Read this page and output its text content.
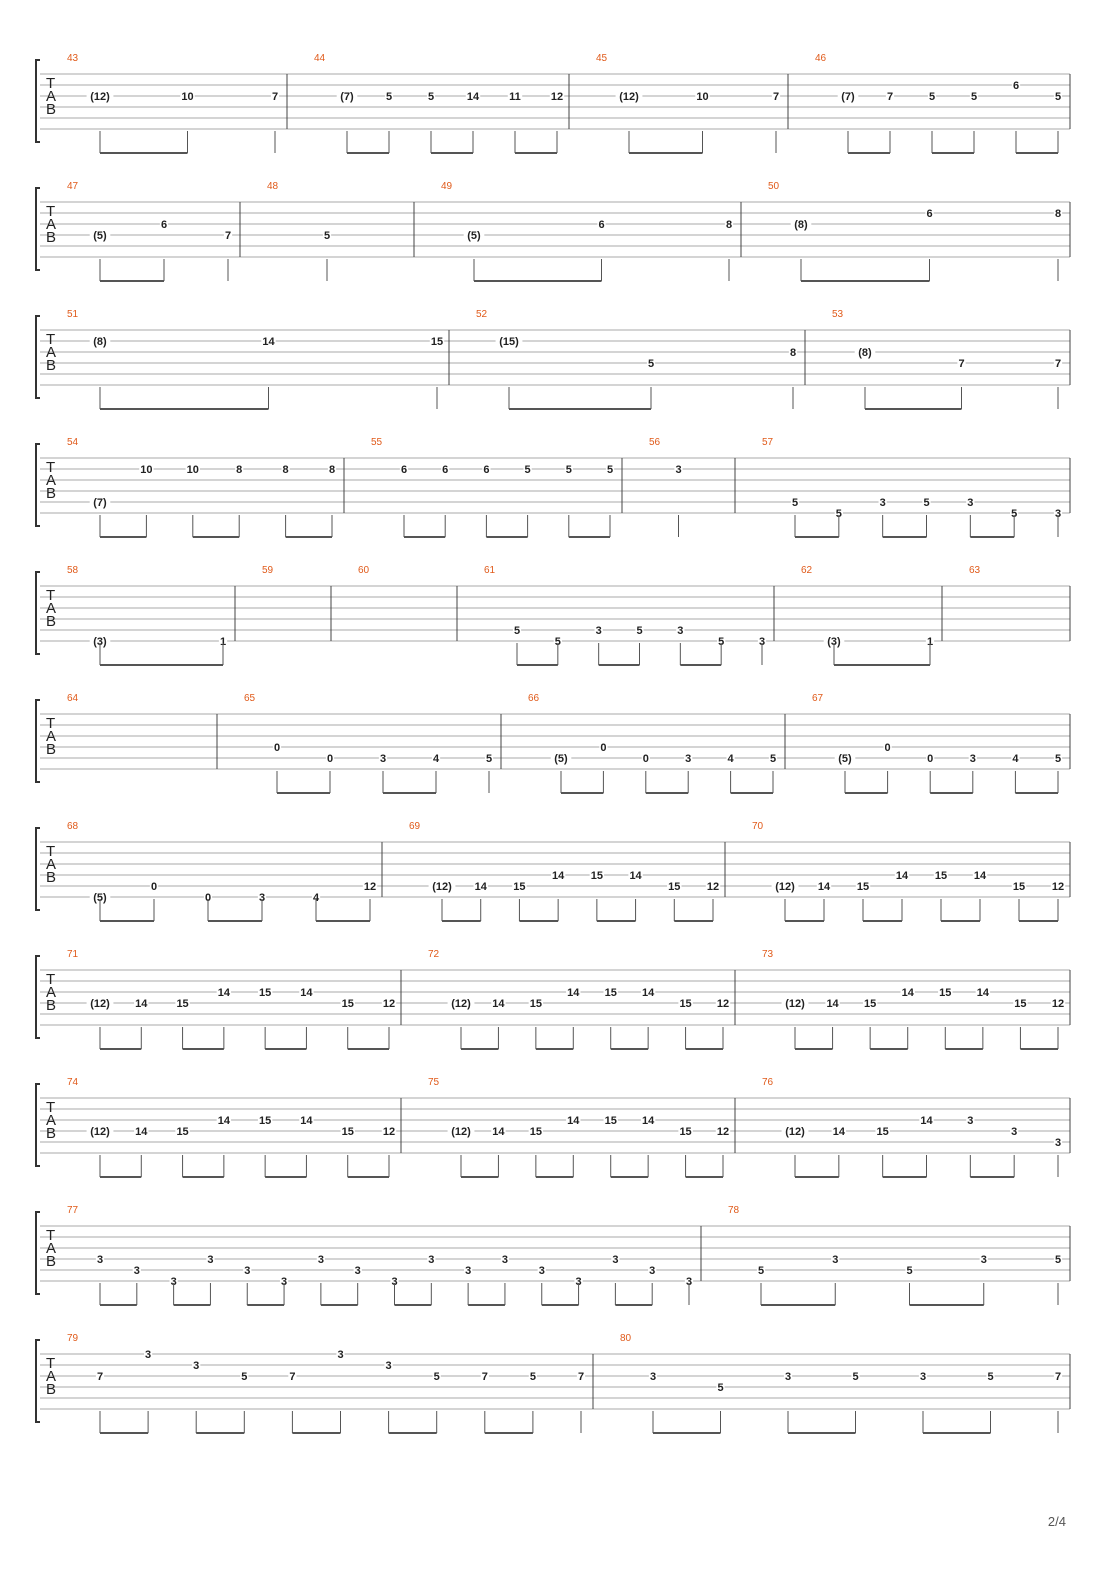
T
A
B
43
(12)	10	7
44
(7)	5	5	14	11	12
45
(12)	10	7
46
(7)	7	5	5
6
5
T
A
B
47
(5)
6
7
48
5
49
(5)
6	8
50
(8)
6	8
T
A
B
51
(8)	14	15
52
(15)
5
8
53
(8)
7	7
T
A
B
54
(7)
10	10	8	8	8
55
6	6	6	5	5	5
56
3
57
5
5
3	5	3
5	3
T
A
B
58
(3)	1
59	60	61
5
5
3	5	3
5	3
62
(3)	1
63
T
A
B
64	65
0
0	3	4	5
66
(5)
0
0	3	4	5
67
(5)
0
0	3	4	5
T
A
B
68
(5)
0
0	3	4
12
69
(12) 14 15
14 15 14
15 12
70
(12) 14 15
14 15 14
15 12
T
A
B
71
(12) 14	15
14	15	14
15	12
72
(12) 14 15
14 15 14
15 12
73
(12) 14 15
14 15 14
15 12
T
A
B
74
(12) 14	15
14	15	14
15	12
75
(12) 14 15
14 15 14
15 12
76
(12)	14	15
14	3
3
3
T
A
B
77
3
3
3
3
3
3
3
3
3
3
3
3
3
3
3
3
3
78
5
3
5
3	5
T
A
B
79
7
3
3
5	7
3
3
5	7	5	7
80
3
5
3	5	3	5	7
2/4
